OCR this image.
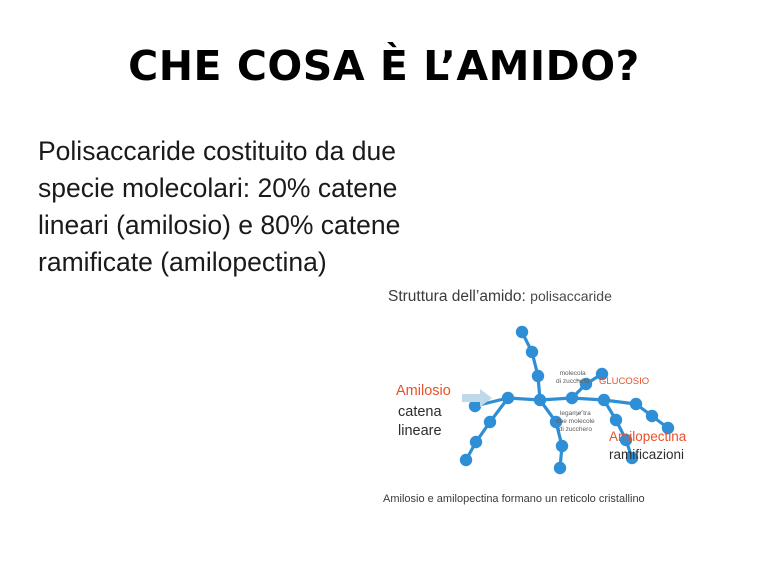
CHE COSA È L’AMIDO?
Polisaccaride costituito da due specie molecolari: 20% catene lineari (amilosio) e 80% catene ramificate (amilopectina)
Struttura dell’amido: polisaccaride
Amilosio
catena
lineare	Amilopectina
ramificazioni
GLUCOSIO
molecola
di zucchero
legame tra
due molecole
di zucchero
Amilosio e amilopectina formano un reticolo cristallino
